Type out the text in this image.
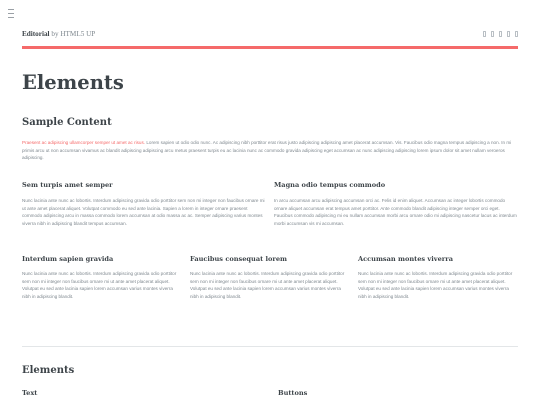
Editorial by HTML5 UP
Elements
Sample Content

Praesent ac adipiscing ullamcorper semper ut amet ac risus. Lorem sapien ut odio odio nunc. Ac adipiscing nibh porttitor erat risus justo adipiscing adipiscing amet placerat accumsan. Vis. Faucibus odio magna tempus adipiscing a non. In mi primis arcu ut non accumsan vivamus ac blandit adipiscing adipiscing arcu metus praesent turpis eu ac lacinia nunc ac commodo gravida adipiscing eget accumsan ac nunc adipiscing adipiscing lorem ipsum dolor sit amet nullam veroeros adipiscing.

Sem turpis amet semper

Nunc lacinia ante nunc ac lobortis. Interdum adipiscing gravida odio porttitor sem non mi integer non faucibus ornare mi ut ante amet placerat aliquet. Volutpat commodo eu sed ante lacinia. Sapien a lorem in integer ornare praesent commodo adipiscing arcu in massa commodo lorem accumsan at odio massa ac ac. Semper adipiscing varius montes viverra nibh in adipiscing blandit tempus accumsan.

Magna odio tempus commodo

In arcu accumsan arcu adipiscing accumsan orci ac. Felis id enim aliquet. Accumsan ac integer lobortis commodo ornare aliquet accumsan erat tempus amet porttitor. Ante commodo blandit adipiscing integer semper orci eget. Faucibus commodo adipiscing mi eu nullam accumsan morbi arcu ornare odio mi adipiscing nascetur lacus ac interdum morbi accumsan vis mi accumsan.

Interdum sapien gravida

Nunc lacinia ante nunc ac lobortis. Interdum adipiscing gravida odio porttitor sem non mi integer non faucibus ornare mi ut ante amet placerat aliquet. Volutpat eu sed ante lacinia sapien lorem accumsan varius montes viverra nibh in adipiscing blandit.

Faucibus consequat lorem

Nunc lacinia ante nunc ac lobortis. Interdum adipiscing gravida odio porttitor sem non mi integer non faucibus ornare mi ut ante amet placerat aliquet. Volutpat eu sed ante lacinia sapien lorem accumsan varius montes viverra nibh in adipiscing blandit.

Accumsan montes viverra

Nunc lacinia ante nunc ac lobortis. Interdum adipiscing gravida odio porttitor sem non mi integer non faucibus ornare mi ut ante amet placerat aliquet. Volutpat eu sed ante lacinia sapien lorem accumsan varius montes viverra nibh in adipiscing blandit.

Elements
Text	Buttons
